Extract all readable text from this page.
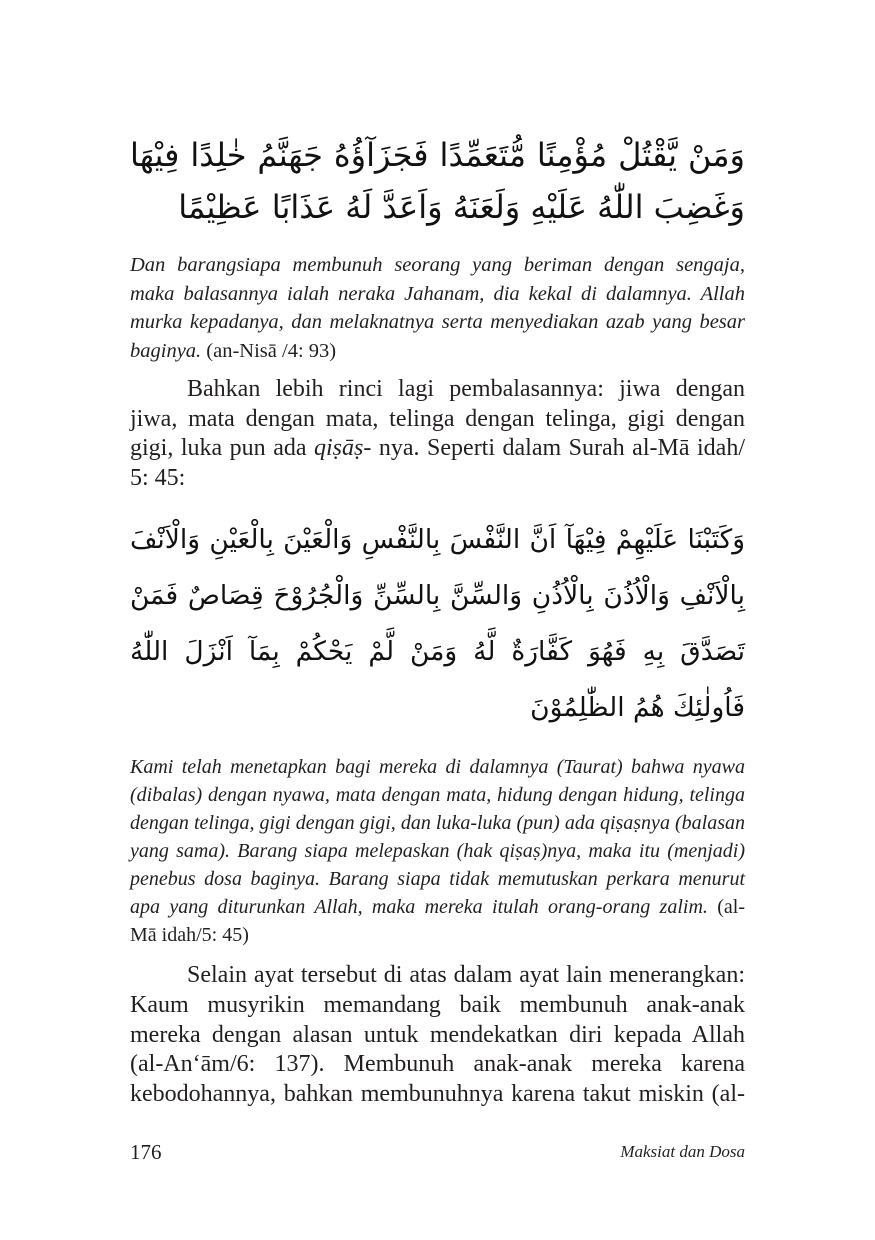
وَمَنْ يَّقْتُلْ مُؤْمِنًا مُّتَعَمِّدًا فَجَزَآؤُهُ جَهَنَّمُ خٰلِدًا فِيْهَا
وَغَضِبَ اللّٰهُ عَلَيْهِ وَلَعَنَهُ وَاَعَدَّ لَهُ عَذَابًا عَظِيْمًا
Dan barangsiapa membunuh seorang yang beriman dengan sengaja,
maka balasannya ialah neraka Jahanam, dia kekal di dalamnya. Allah
murka kepadanya, dan melaknatnya serta menyediakan azab yang besar
baginya. (an-Nisā /4: 93)
Bahkan lebih rinci lagi pembalasannya: jiwa dengan
jiwa, mata dengan mata, telinga dengan telinga, gigi dengan
gigi, luka pun ada qiṣāṣ- nya. Seperti dalam Surah al-Mā idah/
5: 45:
وَكَتَبْنَا عَلَيْهِمْ فِيْهَآ اَنَّ النَّفْسَ بِالنَّفْسِ وَالْعَيْنَ بِالْعَيْنِ وَالْاَنْفَ
بِالْاَنْفِ وَالْاُذُنَ بِالْاُذُنِ وَالسِّنَّ بِالسِّنِّ وَالْجُرُوْحَ قِصَاصٌ فَمَنْ
تَصَدَّقَ بِهِ فَهُوَ كَفَّارَةٌ لَّهُ وَمَنْ لَّمْ يَحْكُمْ بِمَآ اَنْزَلَ اللّٰهُ
فَاُولٰئِكَ هُمُ الظّٰلِمُوْنَ
Kami telah menetapkan bagi mereka di dalamnya (Taurat) bahwa nyawa
(dibalas) dengan nyawa, mata dengan mata, hidung dengan hidung, telinga
dengan telinga, gigi dengan gigi, dan luka-luka (pun) ada qiṣaṣnya (balasan
yang sama). Barang siapa melepaskan (hak qiṣaṣ)nya, maka itu (menjadi)
penebus dosa baginya. Barang siapa tidak memutuskan perkara menurut
apa yang diturunkan Allah, maka mereka itulah orang-orang zalim. (al-
Mā idah/5: 45)
Selain ayat tersebut di atas dalam ayat lain menerangkan:
Kaum musyrikin memandang baik membunuh anak-anak
mereka dengan alasan untuk mendekatkan diri kepada Allah
(al-An‘ām/6: 137). Membunuh anak-anak mereka karena
kebodohannya, bahkan membunuhnya karena takut miskin (al-
176	Maksiat dan Dosa
